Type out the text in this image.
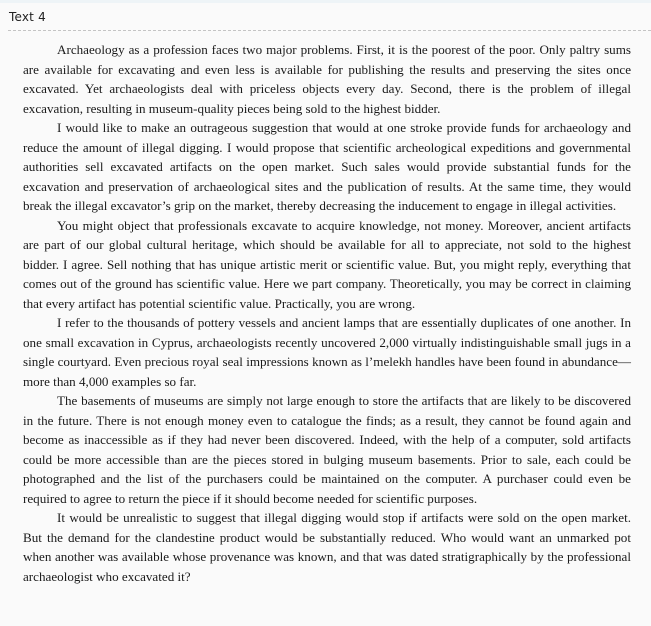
Text 4

Archaeology as a profession faces two major problems. First, it is the poorest of the poor. Only paltry sums are available for excavating and even less is available for publishing the results and preserving the sites once excavated. Yet archaeologists deal with priceless objects every day. Second, there is the problem of illegal excavation, resulting in museum-quality pieces being sold to the highest bidder.

I would like to make an outrageous suggestion that would at one stroke provide funds for archaeology and reduce the amount of illegal digging. I would propose that scientific archeological expeditions and governmental authorities sell excavated artifacts on the open market. Such sales would provide substantial funds for the excavation and preservation of archaeological sites and the publication of results. At the same time, they would break the illegal excavator’s grip on the market, thereby decreasing the inducement to engage in illegal activities.

You might object that professionals excavate to acquire knowledge, not money. Moreover, ancient artifacts are part of our global cultural heritage, which should be available for all to appreciate, not sold to the highest bidder. I agree. Sell nothing that has unique artistic merit or scientific value. But, you might reply, everything that comes out of the ground has scientific value. Here we part company. Theoretically, you may be correct in claiming that every artifact has potential scientific value. Practically, you are wrong.

I refer to the thousands of pottery vessels and ancient lamps that are essentially duplicates of one another. In one small excavation in Cyprus, archaeologists recently uncovered 2,000 virtually indistinguishable small jugs in a single courtyard. Even precious royal seal impressions known as l’melekh handles have been found in abundance—more than 4,000 examples so far.

The basements of museums are simply not large enough to store the artifacts that are likely to be discovered in the future. There is not enough money even to catalogue the finds; as a result, they cannot be found again and become as inaccessible as if they had never been discovered. Indeed, with the help of a computer, sold artifacts could be more accessible than are the pieces stored in bulging museum basements. Prior to sale, each could be photographed and the list of the purchasers could be maintained on the computer. A purchaser could even be required to agree to return the piece if it should become needed for scientific purposes.

It would be unrealistic to suggest that illegal digging would stop if artifacts were sold on the open market. But the demand for the clandestine product would be substantially reduced. Who would want an unmarked pot when another was available whose provenance was known, and that was dated stratigraphically by the professional archaeologist who excavated it?
